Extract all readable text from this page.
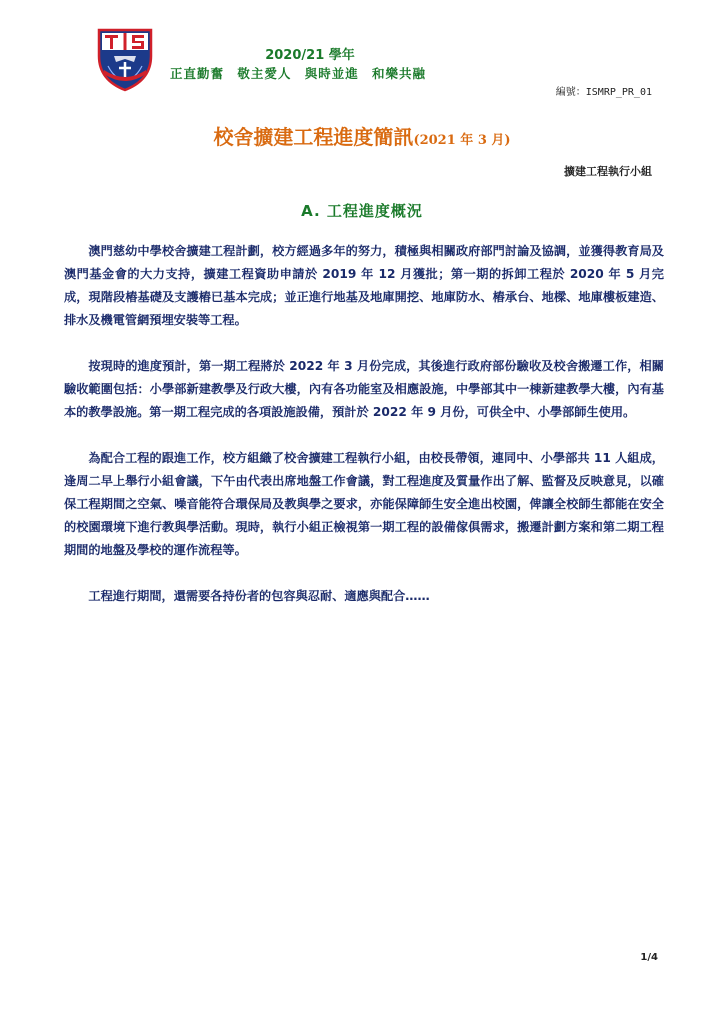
2020/21 學年
正直勤奮 敬主愛人 與時並進 和樂共融
編號：ISMRP_PR_01
校舍擴建工程進度簡訊(2021 年 3 月)
擴建工程執行小組
A. 工程進度概況

澳門慈幼中學校舍擴建工程計劃，校方經過多年的努力，積極與相關政府部門討論及協調，並獲得教育局及澳門基金會的大力支持，擴建工程資助申請於 2019 年 12 月獲批；第一期的拆卸工程於 2020 年 5 月完成，現階段樁基礎及支護樁已基本完成；並正進行地基及地庫開挖、地庫防水、樁承台、地樑、地庫樓板建造、排水及機電管網預埋安裝等工程。

按現時的進度預計，第一期工程將於 2022 年 3 月份完成，其後進行政府部份驗收及校舍搬遷工作，相關驗收範圍包括：小學部新建教學及行政大樓，內有各功能室及相應設施，中學部其中一棟新建教學大樓，內有基本的教學設施。第一期工程完成的各項設施設備，預計於 2022 年 9 月份，可供全中、小學部師生使用。

為配合工程的跟進工作，校方組織了校舍擴建工程執行小組，由校長帶領，連同中、小學部共 11 人組成，逢周二早上舉行小組會議，下午由代表出席地盤工作會議，對工程進度及質量作出了解、監督及反映意見，以確保工程期間之空氣、噪音能符合環保局及教與學之要求，亦能保障師生安全進出校園，俾讓全校師生都能在安全的校園環境下進行教與學活動。現時，執行小組正檢視第一期工程的設備傢俱需求，搬遷計劃方案和第二期工程期間的地盤及學校的運作流程等。

工程進行期間，還需要各持份者的包容與忍耐、適應與配合……

1/4
